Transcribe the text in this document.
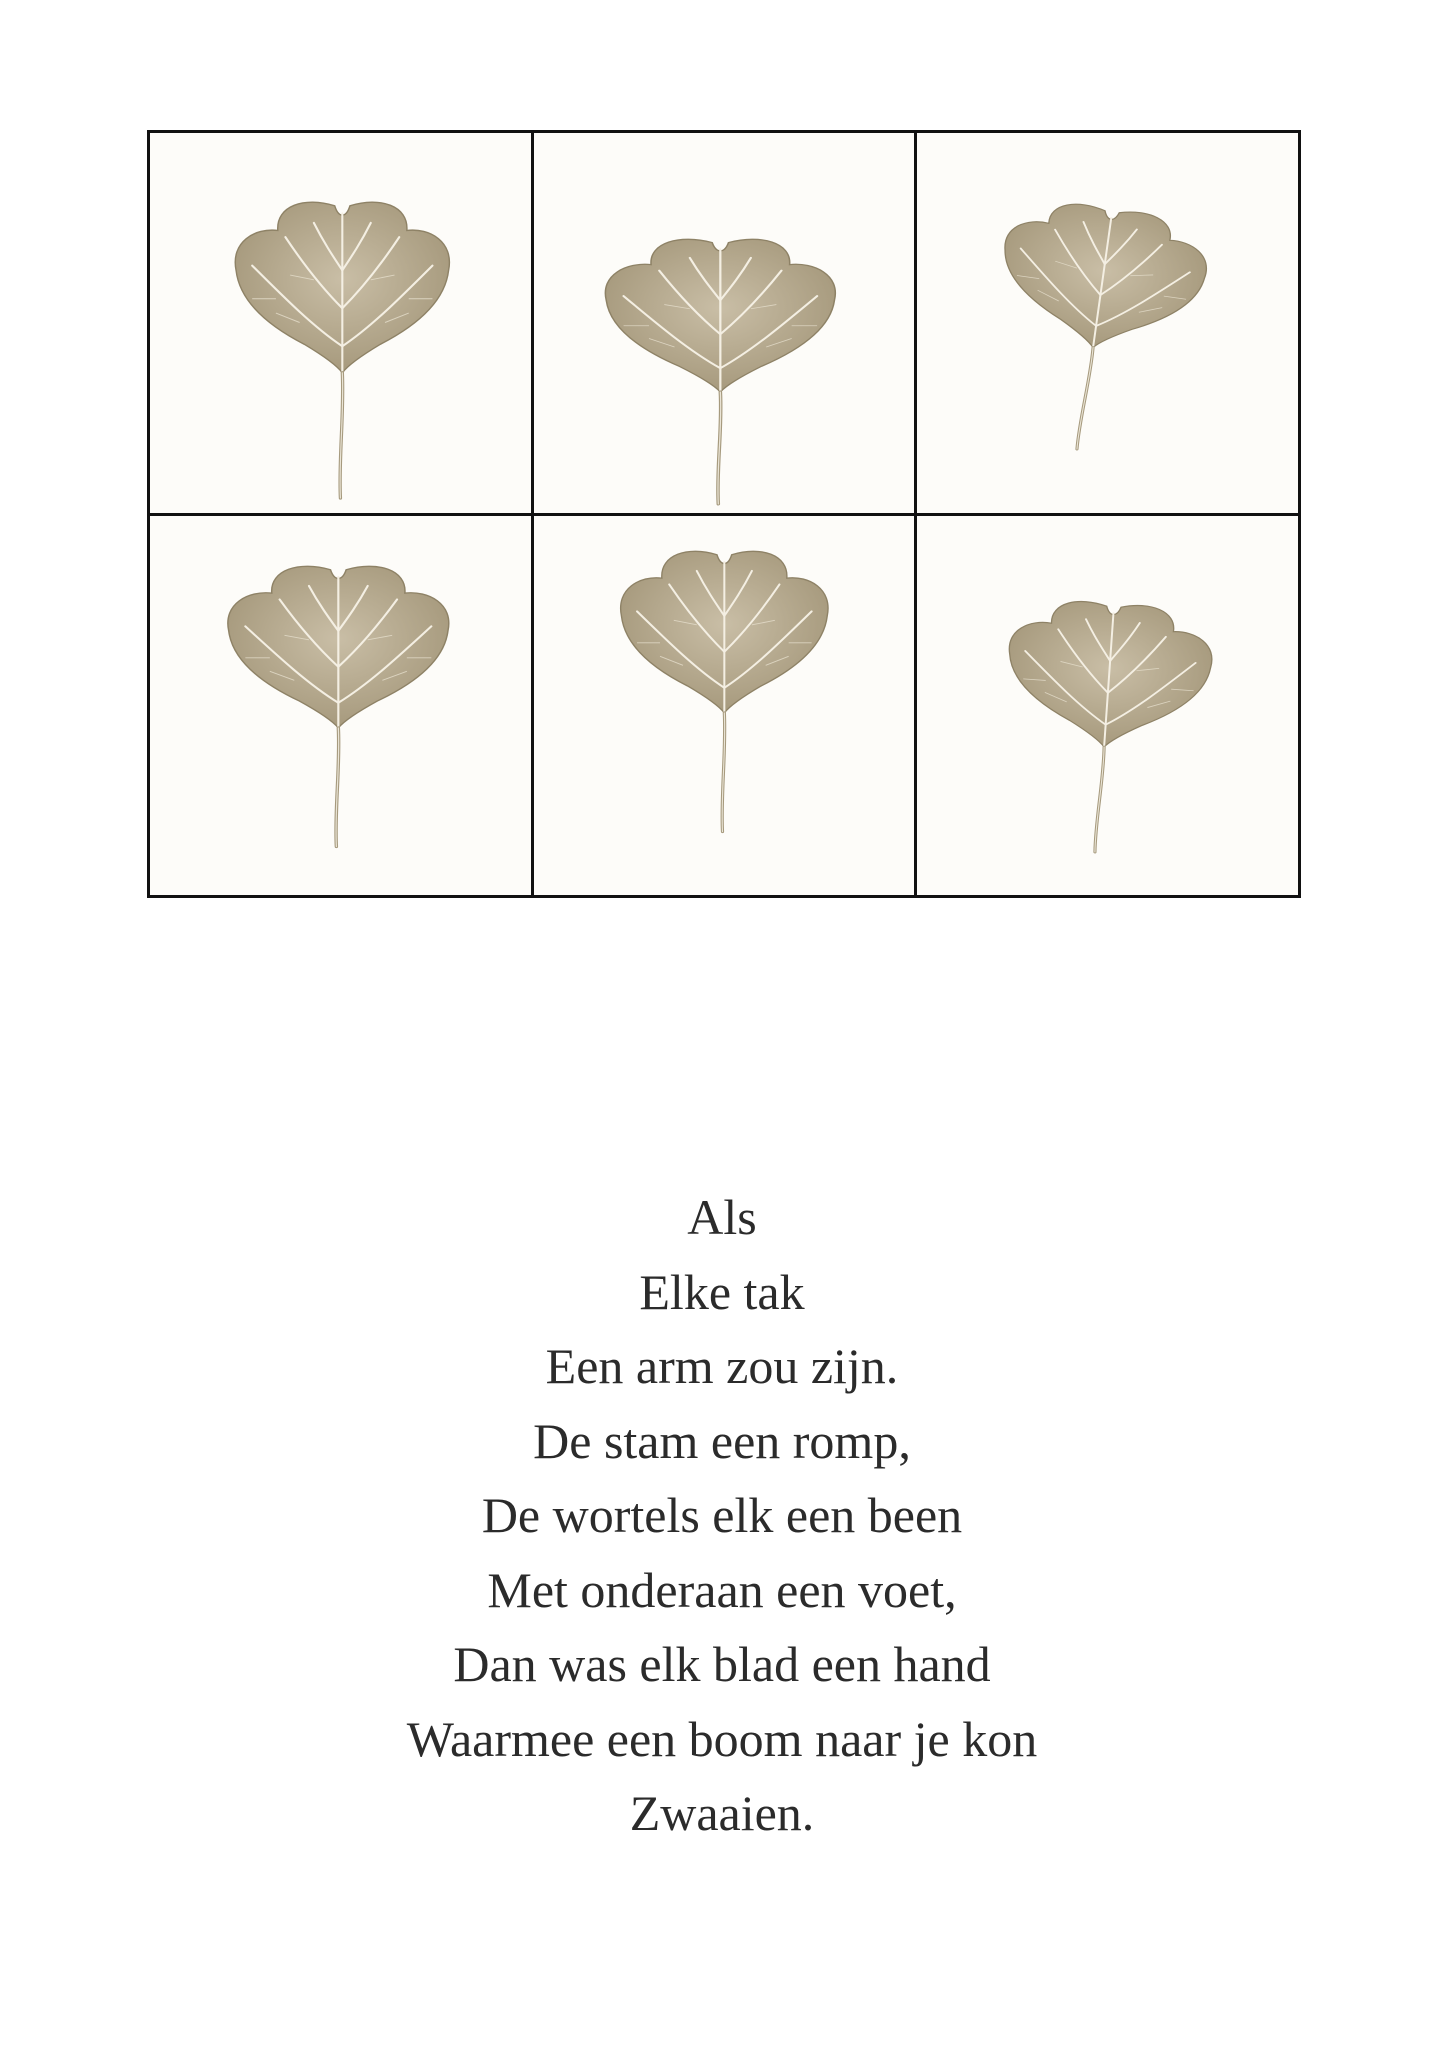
Als
Elke tak
Een arm zou zijn.
De stam een romp,
De wortels elk een been
Met onderaan een voet,
Dan was elk blad een hand
Waarmee een boom naar je kon
Zwaaien.
